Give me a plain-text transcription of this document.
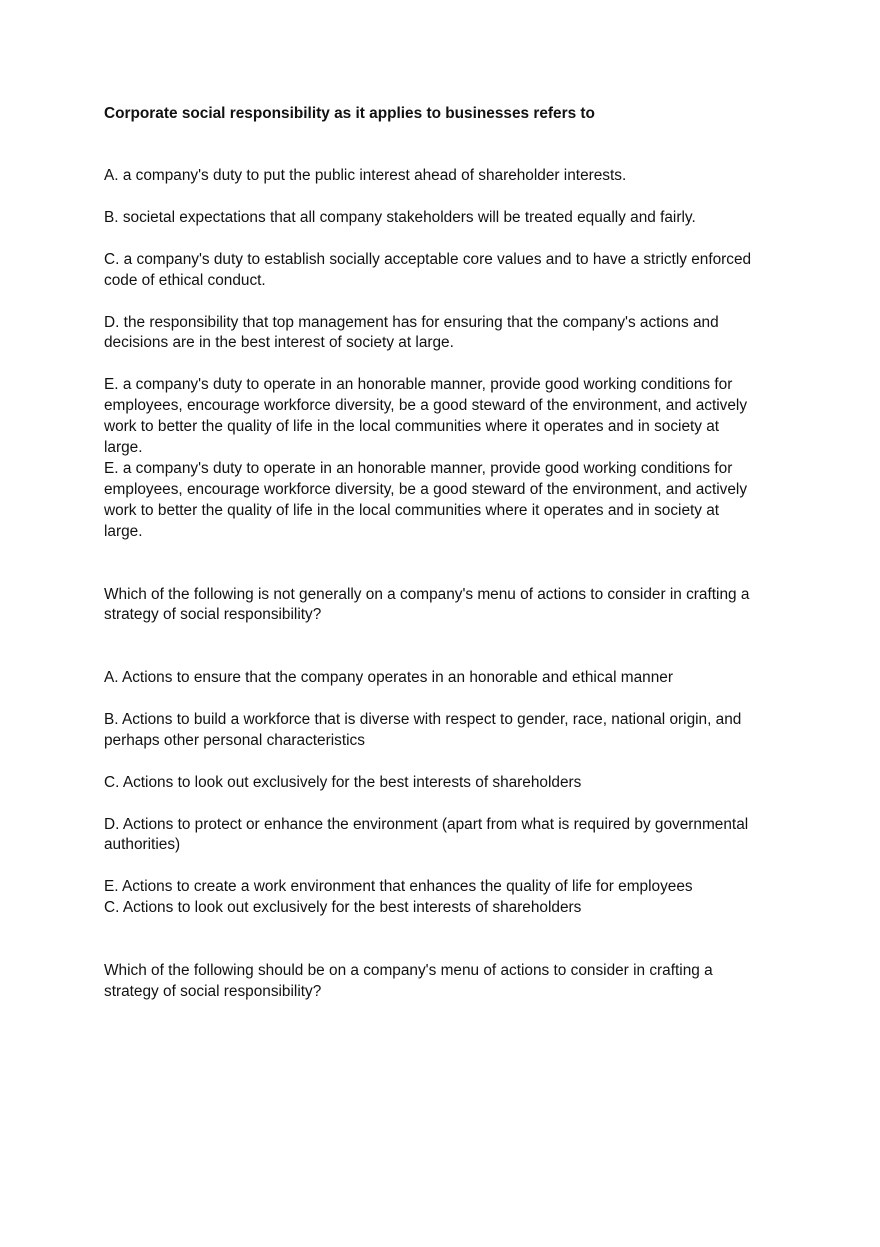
Corporate social responsibility as it applies to businesses refers to

A. a company's duty to put the public interest ahead of shareholder interests.

B. societal expectations that all company stakeholders will be treated equally and fairly.

C. a company's duty to establish socially acceptable core values and to have a strictly enforced

code of ethical conduct.

D. the responsibility that top management has for ensuring that the company's actions and

decisions are in the best interest of society at large.

E. a company's duty to operate in an honorable manner, provide good working conditions for

employees, encourage workforce diversity, be a good steward of the environment, and actively

work to better the quality of life in the local communities where it operates and in society at

large.

E. a company's duty to operate in an honorable manner, provide good working conditions for

employees, encourage workforce diversity, be a good steward of the environment, and actively

work to better the quality of life in the local communities where it operates and in society at

large.

Which of the following is not generally on a company's menu of actions to consider in crafting a

strategy of social responsibility?

A. Actions to ensure that the company operates in an honorable and ethical manner

B. Actions to build a workforce that is diverse with respect to gender, race, national origin, and

perhaps other personal characteristics

C. Actions to look out exclusively for the best interests of shareholders

D. Actions to protect or enhance the environment (apart from what is required by governmental

authorities)

E. Actions to create a work environment that enhances the quality of life for employees

C. Actions to look out exclusively for the best interests of shareholders

Which of the following should be on a company's menu of actions to consider in crafting a

strategy of social responsibility?
